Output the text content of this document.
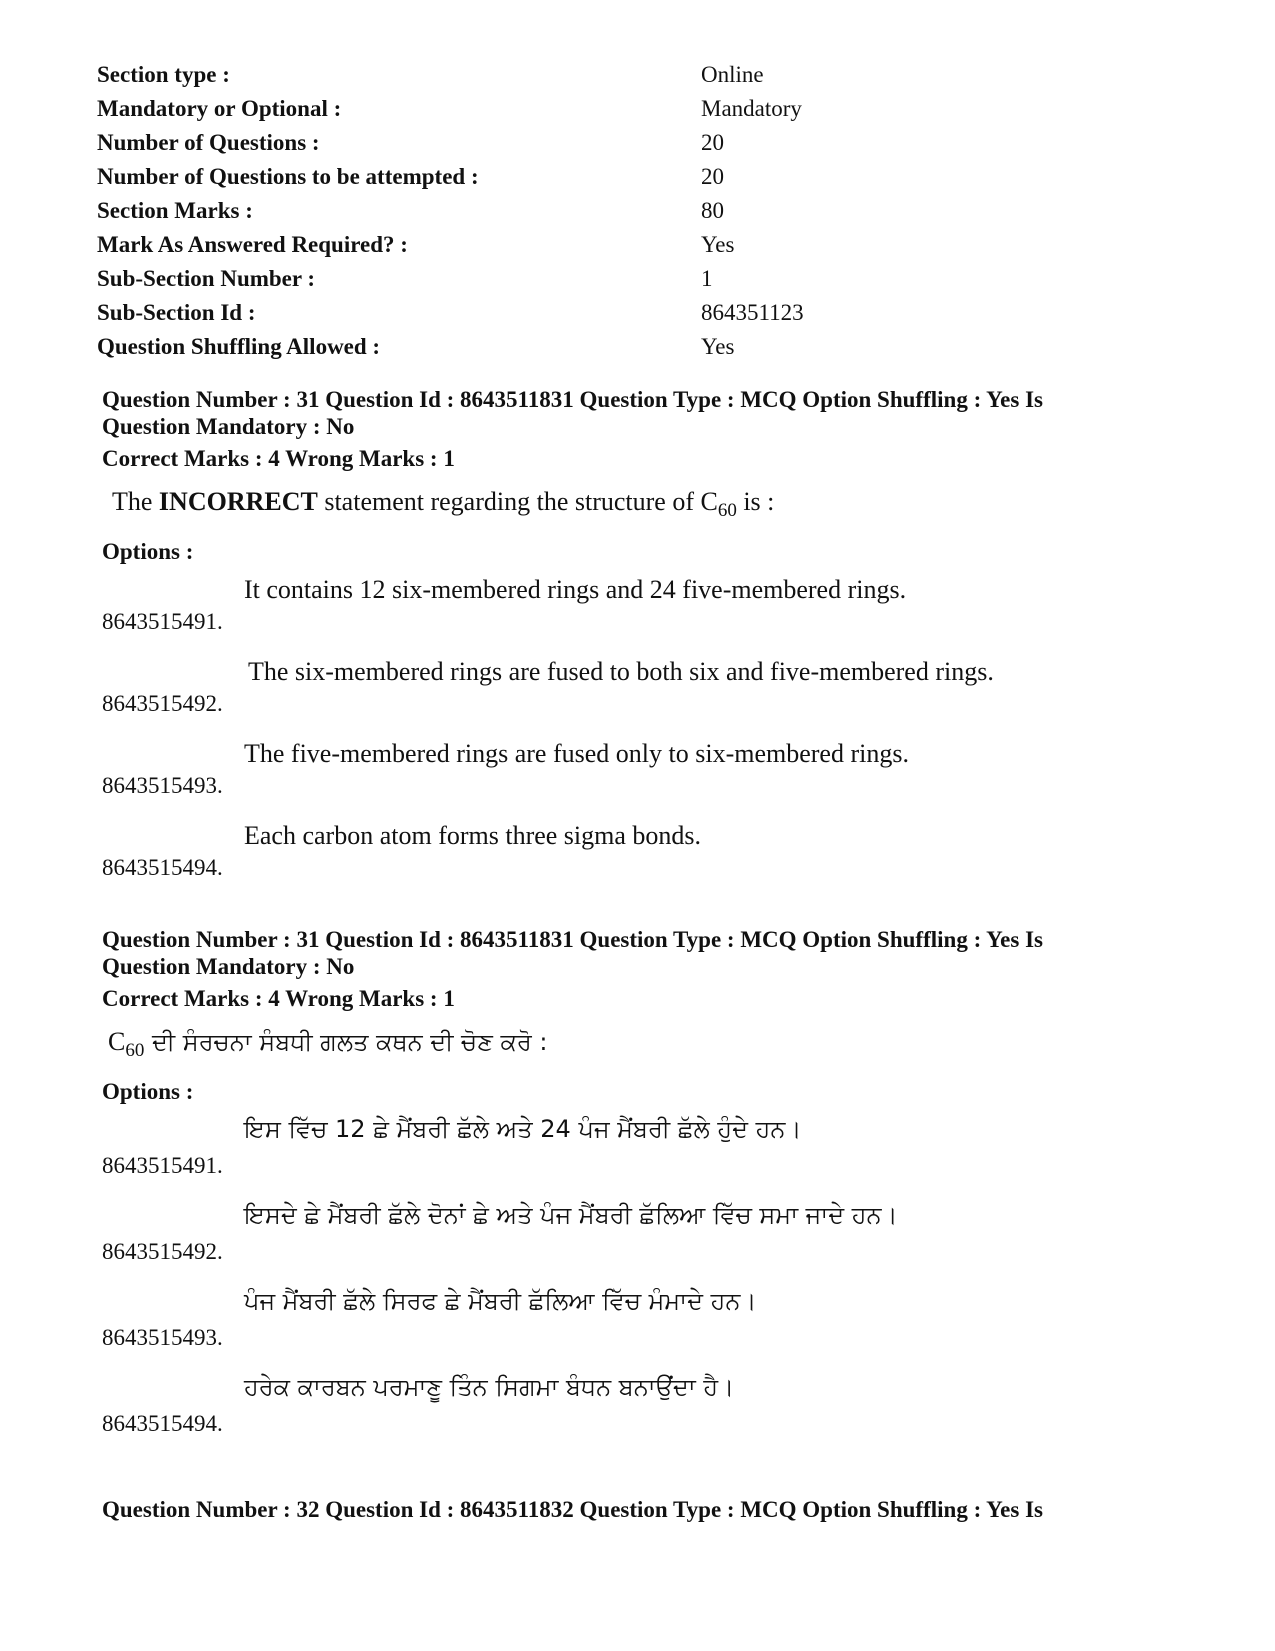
Section type :	Online
Mandatory or Optional :	Mandatory
Number of Questions :	20
Number of Questions to be attempted :	20
Section Marks :	80
Mark As Answered Required? :	Yes
Sub-Section Number :	1
Sub-Section Id :	864351123
Question Shuffling Allowed :	Yes
Question Number : 31 Question Id : 8643511831 Question Type : MCQ Option Shuffling : Yes Is
Question Mandatory : No
Correct Marks : 4 Wrong Marks : 1
The INCORRECT statement regarding the structure of $C_{60}$ is :
Options :
8643515491.
It contains 12 six-membered rings and 24 five-membered rings.
8643515492.
The six-membered rings are fused to both six and five-membered rings.
8643515493.
The five-membered rings are fused only to six-membered rings.
8643515494.
Each carbon atom forms three sigma bonds.
Question Number : 31 Question Id : 8643511831 Question Type : MCQ Option Shuffling : Yes Is
Question Mandatory : No
Correct Marks : 4 Wrong Marks : 1
$C_{60}$ ਦੀ ਸੰਰਚਨਾ ਸੰਬਧੀ ਗਲਤ ਕਥਨ ਦੀ ਚੋਣ ਕਰੋ :
Options :
8643515491.
ਇਸ ਵਿੱਚ 12 ਛੇ ਮੈਂਬਰੀ ਛੱਲੇ ਅਤੇ 24 ਪੰਜ ਮੈਂਬਰੀ ਛੱਲੇ ਹੁੰਦੇ ਹਨ।
8643515492.
ਇਸਦੇ ਛੇ ਮੈਂਬਰੀ ਛੱਲੇ ਦੋਨਾਂ ਛੇ ਅਤੇ ਪੰਜ ਮੈਂਬਰੀ ਛੱਲਿਆ ਵਿੱਚ ਸਮਾ ਜਾਦੇ ਹਨ।
8643515493.
ਪੰਜ ਮੈਂਬਰੀ ਛੱਲੇ ਸਿਰਫ ਛੇ ਮੈਂਬਰੀ ਛੱਲਿਆ ਵਿੱਚ ਮੰਮਾਦੇ ਹਨ।
8643515494.
ਹਰੇਕ ਕਾਰਬਨ ਪਰਮਾਣੂ ਤਿੰਨ ਸਿਗਮਾ ਬੰਧਨ ਬਨਾਉਂਦਾ ਹੈ।
Question Number : 32 Question Id : 8643511832 Question Type : MCQ Option Shuffling : Yes Is
